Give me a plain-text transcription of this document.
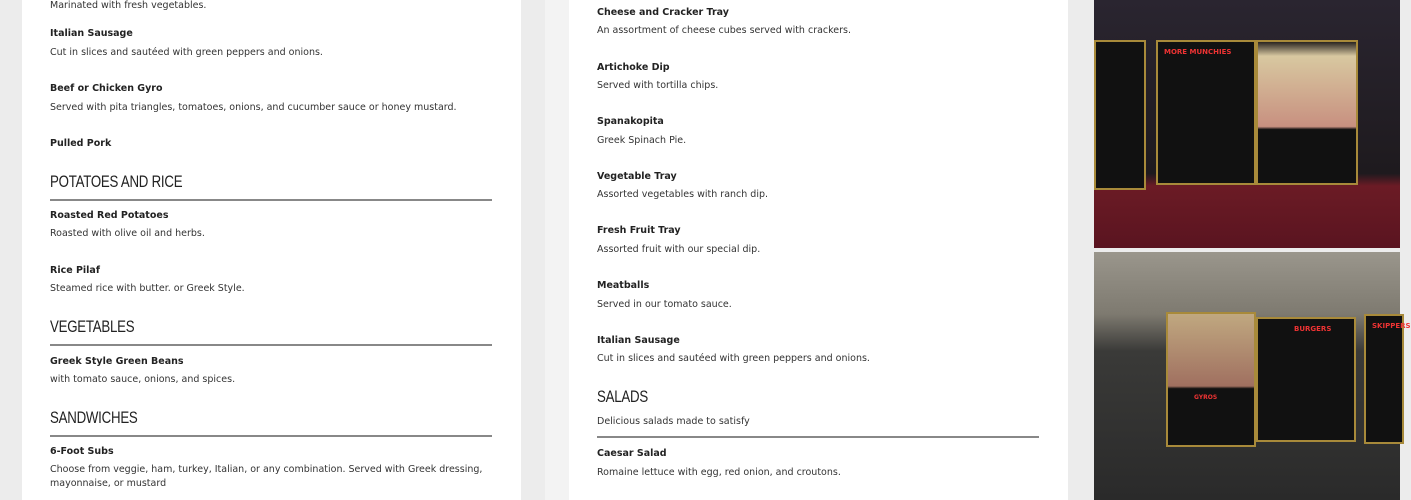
Marinated with fresh vegetables.
Italian Sausage
Cut in slices and sautéed with green peppers and onions.
Beef or Chicken Gyro
Served with pita triangles, tomatoes, onions, and cucumber sauce or honey mustard.
Pulled Pork
POTATOES AND RICE
Roasted Red Potatoes
Roasted with olive oil and herbs.
Rice Pilaf
Steamed rice with butter. or Greek Style.
VEGETABLES
Greek Style Green Beans
with tomato sauce, onions, and spices.
SANDWICHES
6-Foot Subs
Choose from veggie, ham, turkey, Italian, or any combination. Served with Greek dressing, mayonnaise, or mustard
Cheese and Cracker Tray
An assortment of cheese cubes served with crackers.
Artichoke Dip
Served with tortilla chips.
Spanakopita
Greek Spinach Pie.
Vegetable Tray
Assorted vegetables with ranch dip.
Fresh Fruit Tray
Assorted fruit with our special dip.
Meatballs
Served in our tomato sauce.
Italian Sausage
Cut in slices and sautéed with green peppers and onions.
SALADS
Delicious salads made to satisfy
Caesar Salad
Romaine lettuce with egg, red onion, and croutons.
MORE MUNCHIES
GYROS
BURGERS	SKIPPERS
